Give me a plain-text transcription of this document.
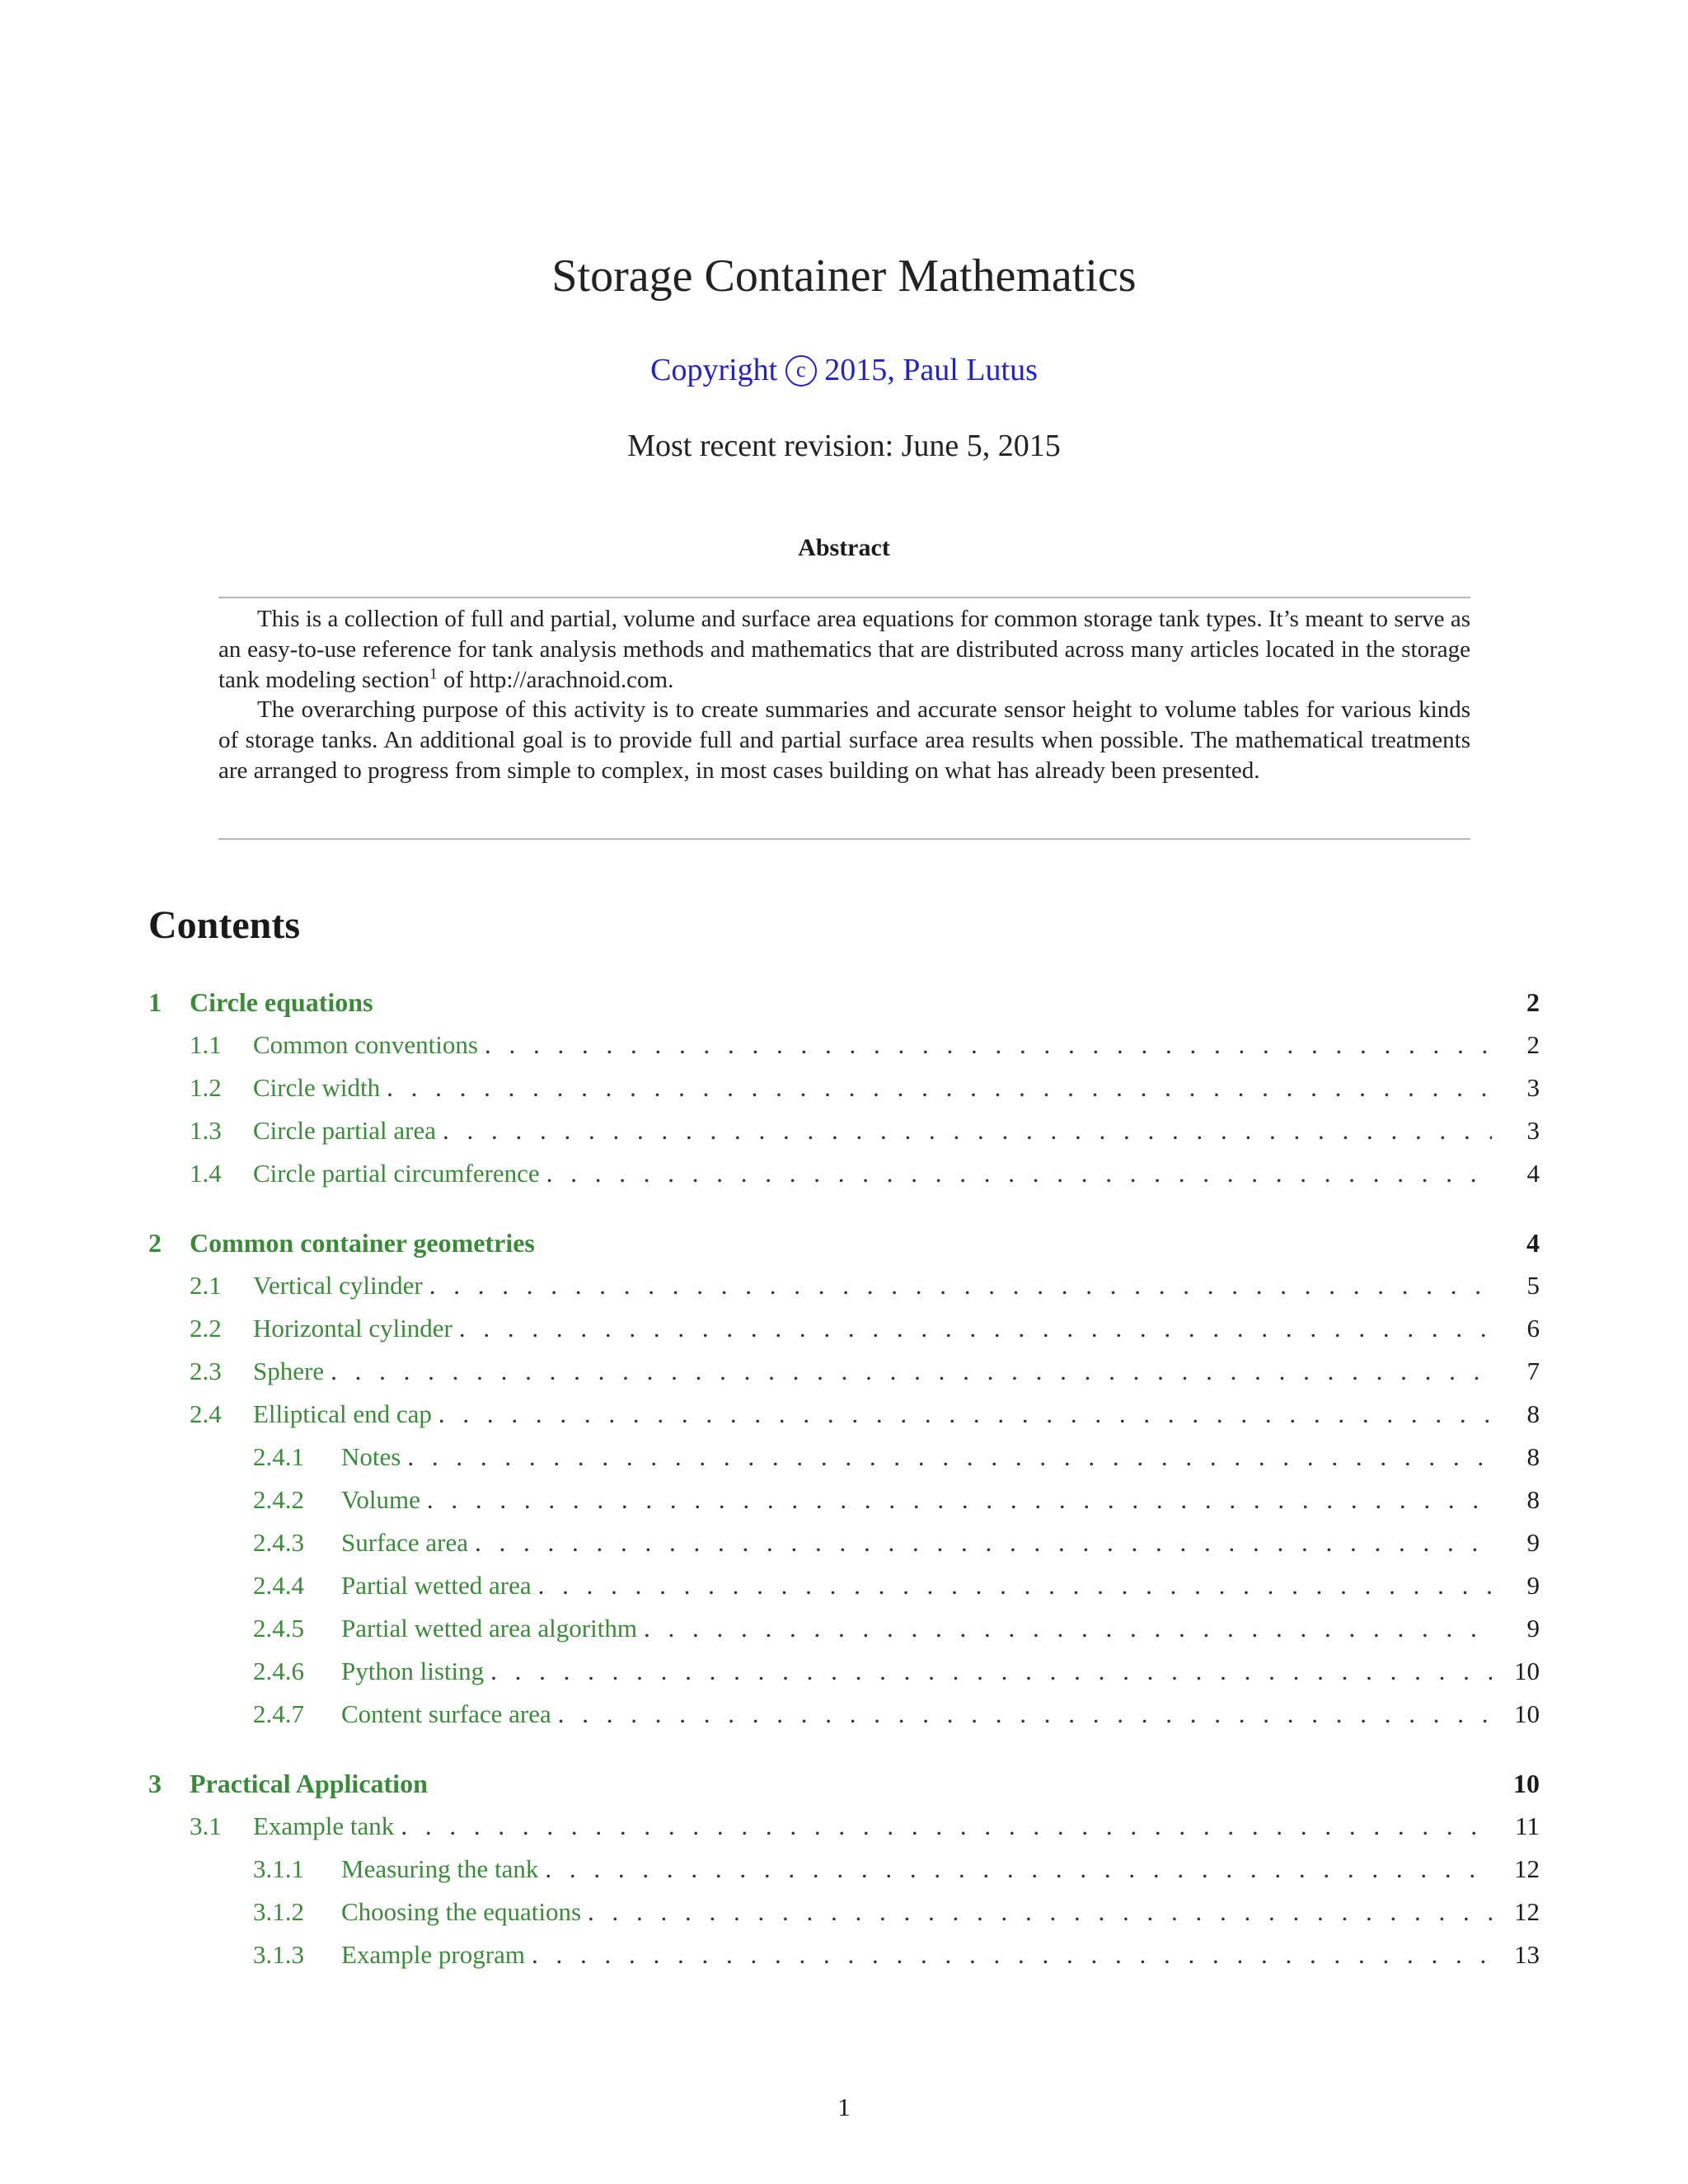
Storage Container Mathematics
Copyright c 2015, Paul Lutus
Most recent revision: June 5, 2015
Abstract

This is a collection of full and partial, volume and surface area equations for common storage tank types. It’s meant to serve as an easy-to-use reference for tank analysis methods and mathematics that are distributed across many articles located in the storage tank modeling section$^1$ of http://arachnoid.com.

The overarching purpose of this activity is to create summaries and accurate sensor height to volume tables for various kinds of storage tanks. An additional goal is to provide full and partial surface area results when possible. The mathematical treatments are arranged to progress from simple to complex, in most cases building on what has already been presented.

Contents
1	Circle equations	2
1.1	Common conventions . . .	2
1.2	Circle width . . .	3
1.3	Circle partial area . . .	3
1.4	Circle partial circumference . . .	4
2	Common container geometries	4
2.1	Vertical cylinder . . .	5
2.2	Horizontal cylinder . . .	6
2.3	Sphere . . .	7
2.4	Elliptical end cap . . .	8
2.4.1	Notes . . .	8
2.4.2	Volume . . .	8
2.4.3	Surface area . . .	9
2.4.4	Partial wetted area . . .	9
2.4.5	Partial wetted area algorithm . . .	9
2.4.6	Python listing . . .	10
2.4.7	Content surface area . . .	10
3	Practical Application	10
3.1	Example tank . . .	11
3.1.1	Measuring the tank . . .	12
3.1.2	Choosing the equations . . .	12
3.1.3	Example program . . .	13
1
